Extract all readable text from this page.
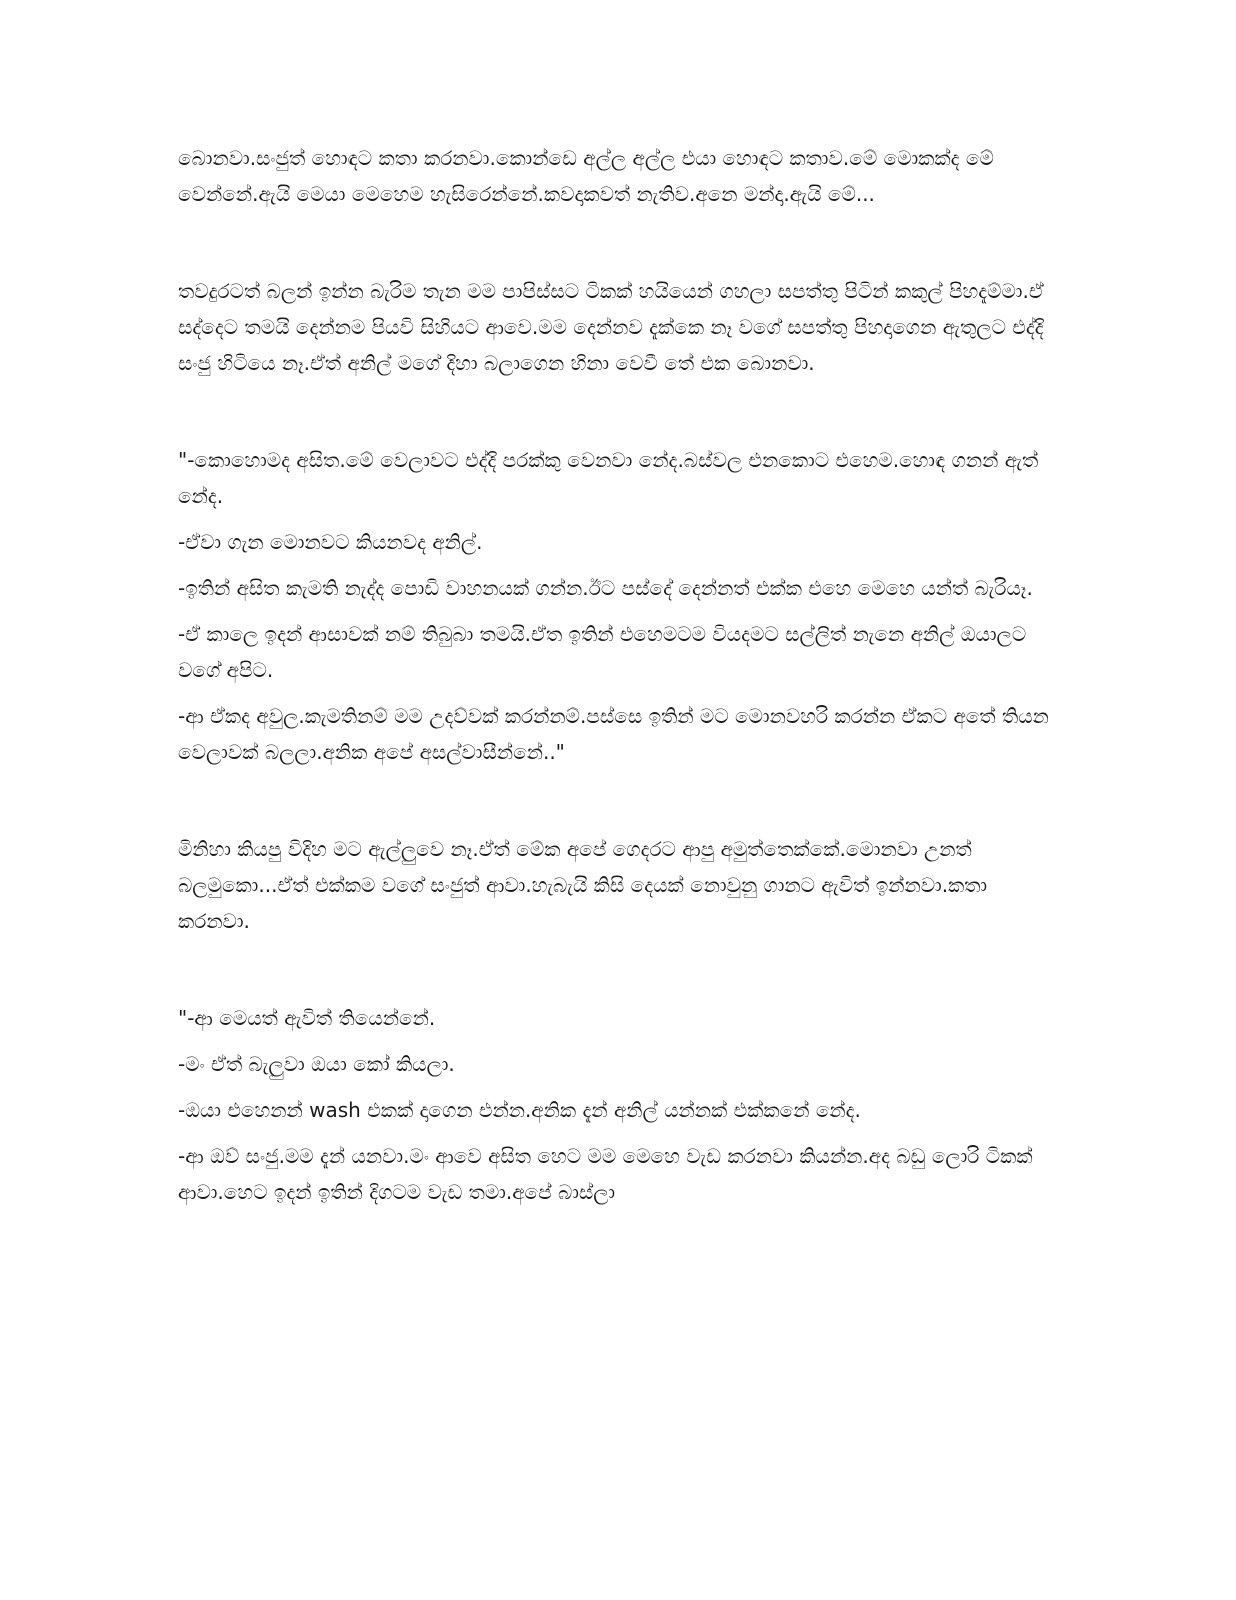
බොනවා.සංජුත් හොඳට කතා කරනවා.කොන්ඩෙ අල්ල අල්ල එයා හොඳට කතාව.මේ මොකක්ද මේ වෙන්නේ.ඇයි මෙයා මෙහෙම හැසිරෙන්නේ.කවදාකවත් නැතිව.අනෙ මන්දා.ඇයි මේ...

තවදුරටත් බලන් ඉන්න බැරිම තැන මම පාපිස්සට ටිකක් හයියෙන් ගහලා සපත්තු පිටින් කකුල් පිහදැම්මා.ඒ සද්දෙට තමයි දෙන්නම පියවි සිහියට ආවෙ.මම දෙන්නව දැක්කෙ නෑ වගේ සපත්තු පිහදාගෙන ඇතුලට එද්දි සංජු හිටියෙ නෑ.ඒත් අනිල් මගේ දිහා බලාගෙන හිනා වෙවී තේ එක බොනවා.

"-කොහොමද අසිත.මේ වෙලාවට එද්දි පරක්කු වෙනවා නේද.බස්වල එනකොට එහෙම.හොඳ ගනන් ඇත් නේද.

-ඒවා ගැන මොනවට කියනවද අනිල්.

-ඉතින් අසිත කැමති නැද්ද පොඩි වාහනයක් ගන්න.ඊට පස්දේ දෙන්නත් එක්ක එහෙ මෙහෙ යන්ත් බැරියෑ.

-ඒ කාලෙ ඉදන් ආසාවක් නම් තිබුබා තමයි.ඒත ඉතින් එහෙමටම වියදමට සල්ලිත් නැනෙ අනිල් ඔයාලට වගේ අපිට.

-ආ ඒකද අවුල.කැමතිනම් මම උදව්වක් කරන්නම්.පස්සෙ ඉතින් මට මොනවහරි කරන්න ඒකට අතේ තියන වෙලාවක් බලලා.අනික අපේ අසල්වාසීන්නේ.."

මිනිහා කියපු විදිහ මට ඇල්ලුවෙ නෑ.ඒත් මේක අපේ ගෙදරට ආපු අමුත්තෙක්කේ.මොනවා උනත් බලමුකො...ඒත් එක්කම වගේ සංජුත් ආවා.හැබැයි කිසි දෙයක් නොවුනු ගානට ඇවිත් ඉන්නවා.කතා කරනවා.

"-ආ මෙයත් ඇවිත් තියෙන්නේ.

-මං ඒත් බැලුවා ඔයා කෝ කියලා.

-ඔයා එහෙනන් wash එකක් දාගෙන එන්න.අනික දැන් අනිල් යන්නක් එක්කනේ නේද.

-ආ ඔව් සංජු.මම දැන් යනවා.මං ආවෙ අසිත හෙට මම මෙහෙ වැඩ කරනවා කියන්න.අද බඩු ලොරි ටිකක් ආවා.හෙට ඉදන් ඉතින් දිගටම වැඩ තමා.අපේ බාස්ලා
